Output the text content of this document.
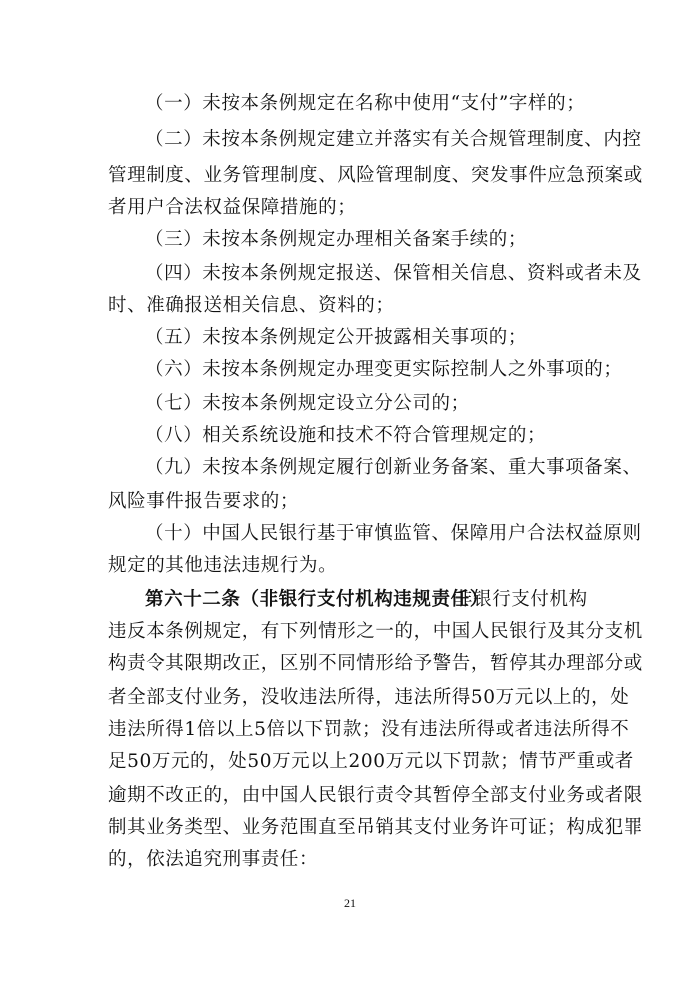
（一）未按本条例规定在名称中使用“支付”字样的；
（二）未按本条例规定建立并落实有关合规管理制度、内控
管理制度、业务管理制度、风险管理制度、突发事件应急预案或
者用户合法权益保障措施的；
（三）未按本条例规定办理相关备案手续的；
（四）未按本条例规定报送、保管相关信息、资料或者未及
时、准确报送相关信息、资料的；
（五）未按本条例规定公开披露相关事项的；
（六）未按本条例规定办理变更实际控制人之外事项的；
（七）未按本条例规定设立分公司的；
（八）相关系统设施和技术不符合管理规定的；
（九）未按本条例规定履行创新业务备案、重大事项备案、
风险事件报告要求的；
（十）中国人民银行基于审慎监管、保障用户合法权益原则
规定的其他违法违规行为。
第六十二条（非银行支付机构违规责任）
非银行支付机构
违反本条例规定，有下列情形之一的，中国人民银行及其分支机
构责令其限期改正，区别不同情形给予警告，暂停其办理部分或
者全部支付业务，没收违法所得，违法所得50万元以上的，处
违法所得1倍以上5倍以下罚款；没有违法所得或者违法所得不
足50万元的，处50万元以上200万元以下罚款；情节严重或者
逾期不改正的，由中国人民银行责令其暂停全部支付业务或者限
制其业务类型、业务范围直至吊销其支付业务许可证；构成犯罪
的，依法追究刑事责任：
21
